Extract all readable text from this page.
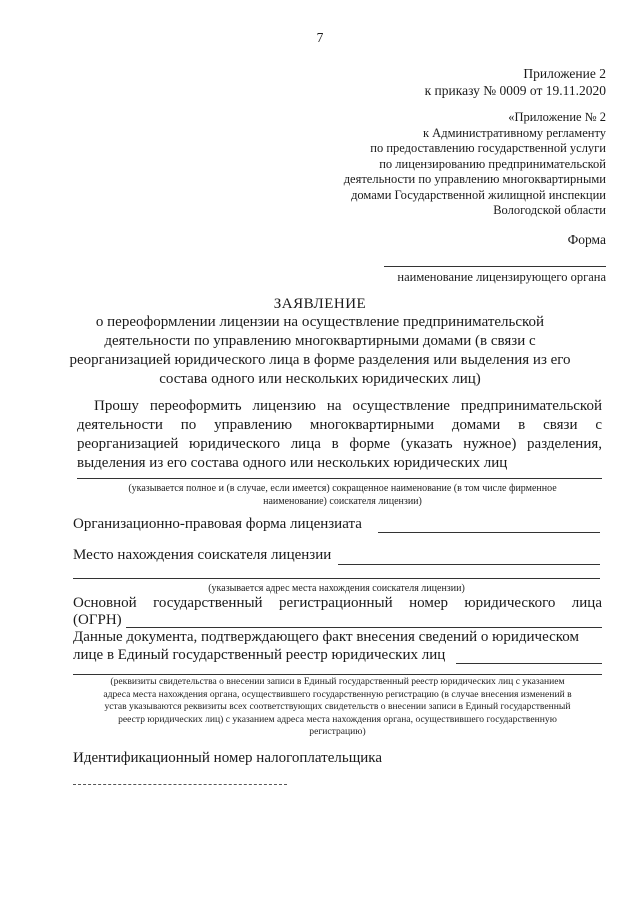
7
Приложение 2
к приказу № 0009 от 19.11.2020
«Приложение № 2
к Административному регламенту
по предоставлению государственной услуги
по лицензированию предпринимательской
деятельности по управлению многоквартирными
домами Государственной жилищной инспекции
Вологодской области
Форма
наименование лицензирующего органа
ЗАЯВЛЕНИЕ
о переоформлении лицензии на осуществление предпринимательской
деятельности по управлению многоквартирными домами (в связи с
реорганизацией юридического лица в форме разделения или выделения из его
состава одного или нескольких юридических лиц)
Прошу переоформить лицензию на осуществление предпринимательской
деятельности по управлению многоквартирными домами в связи с
реорганизацией юридического лица в форме (указать нужное) разделения,
выделения из его состава одного или нескольких юридических лиц
(указывается полное и (в случае, если имеется) сокращенное наименование (в том числе фирменное
наименование) соискателя лицензии)
Организационно-правовая форма лицензиата
Место нахождения соискателя лицензии
(указывается адрес места нахождения соискателя лицензии)
Основной государственный регистрационный номер юридического лица
(ОГРН)
Данные документа, подтверждающего факт внесения сведений о юридическом
лице в Единый государственный реестр юридических лиц
(реквизиты свидетельства о внесении записи в Единый государственный реестр юридических лиц с указанием
адреса места нахождения органа, осуществившего государственную регистрацию (в случае внесения изменений в
устав указываются реквизиты всех соответствующих свидетельств о внесении записи в Единый государственный
реестр юридических лиц) с указанием адреса места нахождения органа, осуществившего государственную
регистрацию)
Идентификационный номер налогоплательщика
